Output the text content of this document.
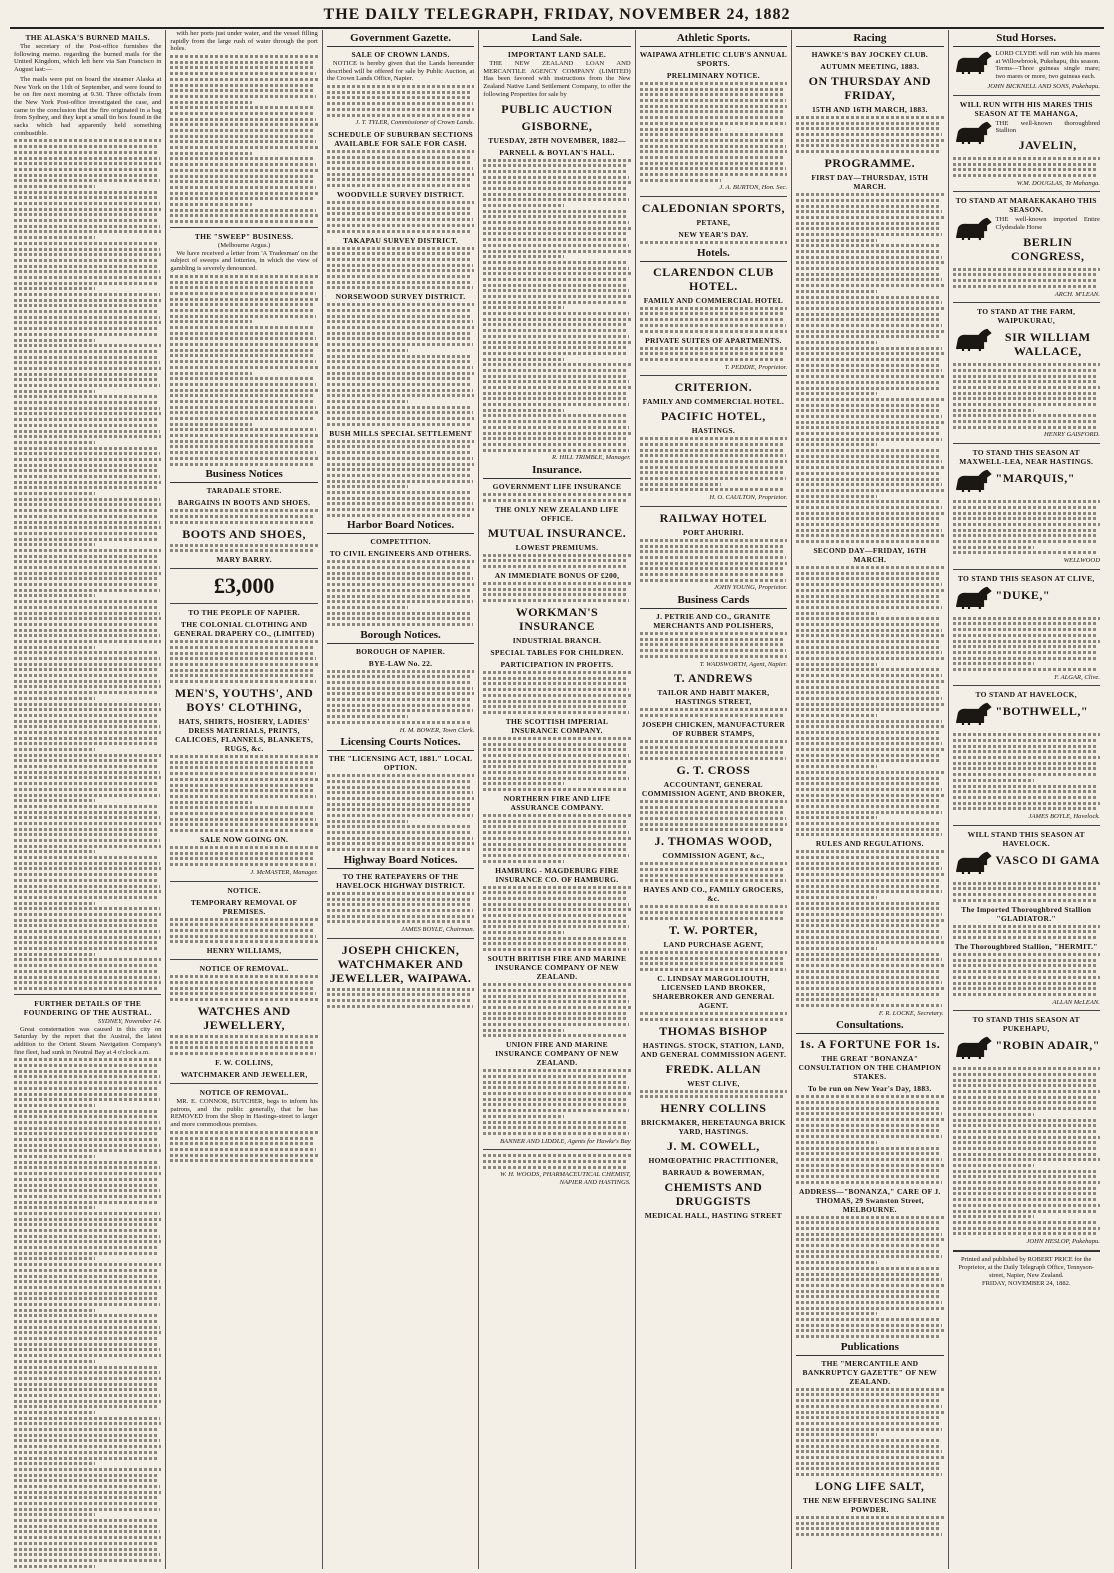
THE DAILY TELEGRAPH, FRIDAY, NOVEMBER 24, 1882
THE ALASKA'S BURNED MAILS.

The secretary of the Post-office furnishes the following memo. regarding the burned mails for the United Kingdom, which left here via San Francisco in August last:—

The mails were put on board the steamer Alaska at New York on the 11th of September, and were found to be on fire next morning at 9.30. Three officials from the New York Post-office investigated the case, and came to the conclusion that the fire originated in a bag from Sydney, and they kept a small tin box found in the sacks which had apparently held something combustible.

FURTHER DETAILS OF THE FOUNDERING OF THE AUSTRAL.
SYDNEY, November 14.

Great consternation was caused in this city on Saturday by the report that the Austral, the latest addition to the Orient Steam Navigation Company's fine fleet, had sunk in Neutral Bay at 4 o'clock a.m.

with her ports just under water, and the vessel filling rapidly from the large rush of water through the port holes.

THE "SWEEP" BUSINESS.
(Melbourne Argus.)

We have received a letter from 'A Tradesman' on the subject of sweeps and lotteries, in which the view of gambling is severely denounced.

Business Notices
TARADALE STORE.
BARGAINS IN BOOTS AND SHOES.
BOOTS AND SHOES,
MARY BARRY.
£3,000
TO THE PEOPLE OF NAPIER.
THE COLONIAL CLOTHING AND GENERAL DRAPERY CO., (LIMITED)
MEN'S, YOUTHS', AND BOYS' CLOTHING,
HATS, SHIRTS, HOSIERY, LADIES' DRESS MATERIALS, PRINTS, CALICOES, FLANNELS, BLANKETS, RUGS, &c.
SALE NOW GOING ON.
J. McMASTER, Manager.
NOTICE.
TEMPORARY REMOVAL OF PREMISES.
HENRY WILLIAMS,
NOTICE OF REMOVAL.
WATCHES AND JEWELLERY,
F. W. COLLINS,
WATCHMAKER AND JEWELLER,
NOTICE OF REMOVAL.

MR. E. CONNOR, BUTCHER, begs to inform his patrons, and the public generally, that he has REMOVED from the Shop in Hastings-street to larger and more commodious premises.

Government Gazette.
SALE OF CROWN LANDS.

NOTICE is hereby given that the Lands hereunder described will be offered for sale by Public Auction, at the Crown Lands Office, Napier.

J. T. TYLER, Commissioner of Crown Lands.
SCHEDULE OF SUBURBAN SECTIONS AVAILABLE FOR SALE FOR CASH.
WOODVILLE SURVEY DISTRICT.
TAKAPAU SURVEY DISTRICT.
NORSEWOOD SURVEY DISTRICT.
BUSH MILLS SPECIAL SETTLEMENT
Harbor Board Notices.
COMPETITION.
TO CIVIL ENGINEERS AND OTHERS.
Borough Notices.
BOROUGH OF NAPIER.
BYE-LAW No. 22.
H. M. BOWER, Town Clerk.
Licensing Courts Notices.
THE "LICENSING ACT, 1881." LOCAL OPTION.
Highway Board Notices.
TO THE RATEPAYERS OF THE HAVELOCK HIGHWAY DISTRICT.
JAMES BOYLE, Chairman.
JOSEPH CHICKEN, WATCHMAKER AND JEWELLER, WAIPAWA.
Land Sale.
IMPORTANT LAND SALE.

THE NEW ZEALAND LOAN AND MERCANTILE AGENCY COMPANY (LIMITED) Has been favored with instructions from the New Zealand Native Land Settlement Company, to offer the following Properties for sale by

PUBLIC AUCTION
GISBORNE,
TUESDAY, 28TH NOVEMBER, 1882—
PARNELL & BOYLAN'S HALL.
R. HILL TRIMBLE, Manager.
Insurance.
GOVERNMENT LIFE INSURANCE
THE ONLY NEW ZEALAND LIFE OFFICE.
MUTUAL INSURANCE.
LOWEST PREMIUMS.
AN IMMEDIATE BONUS OF £200,
WORKMAN'S INSURANCE
INDUSTRIAL BRANCH.
SPECIAL TABLES FOR CHILDREN.
PARTICIPATION IN PROFITS.
THE SCOTTISH IMPERIAL INSURANCE COMPANY.
NORTHERN FIRE AND LIFE ASSURANCE COMPANY.
HAMBURG - MAGDEBURG FIRE INSURANCE CO. OF HAMBURG.
SOUTH BRITISH FIRE AND MARINE INSURANCE COMPANY OF NEW ZEALAND.
UNION FIRE AND MARINE INSURANCE COMPANY OF NEW ZEALAND.
BANNER AND LIDDLE, Agents for Hawke's Bay
W. H. WOODS, PHARMACEUTICAL CHEMIST, NAPIER AND HASTINGS.
Athletic Sports.
WAIPAWA ATHLETIC CLUB'S ANNUAL SPORTS.
PRELIMINARY NOTICE.
J. A. BURTON, Hon. Sec.
CALEDONIAN SPORTS,
PETANE,
NEW YEAR'S DAY.
Hotels.
CLARENDON CLUB HOTEL.
FAMILY AND COMMERCIAL HOTEL
PRIVATE SUITES OF APARTMENTS.
T. PEDDIE, Proprietor.
CRITERION.
FAMILY AND COMMERCIAL HOTEL.
PACIFIC HOTEL,
HASTINGS.
H. O. CAULTON, Proprietor.
RAILWAY HOTEL
PORT AHURIRI.
JOHN YOUNG, Proprietor.
Business Cards
J. PETRIE AND CO., GRANITE MERCHANTS AND POLISHERS,
T. WADSWORTH, Agent, Napier.
T. ANDREWS
TAILOR AND HABIT MAKER, HASTINGS STREET,
JOSEPH CHICKEN, MANUFACTURER OF RUBBER STAMPS,
G. T. CROSS
ACCOUNTANT, GENERAL COMMISSION AGENT, AND BROKER,
J. THOMAS WOOD,
COMMISSION AGENT, &c.,
HAYES AND CO., FAMILY GROCERS, &c.
T. W. PORTER,
LAND PURCHASE AGENT,
C. LINDSAY MARGOLIOUTH, LICENSED LAND BROKER, SHAREBROKER AND GENERAL AGENT.
THOMAS BISHOP
HASTINGS. STOCK, STATION, LAND, AND GENERAL COMMISSION AGENT.
FREDK. ALLAN
WEST CLIVE,
HENRY COLLINS
BRICKMAKER, HERETAUNGA BRICK YARD, HASTINGS.
J. M. COWELL,
HOMŒOPATHIC PRACTITIONER,
BARRAUD & BOWERMAN,
CHEMISTS AND DRUGGISTS
MEDICAL HALL, HASTING STREET
Racing
HAWKE'S BAY JOCKEY CLUB.
AUTUMN MEETING, 1883.
ON THURSDAY AND FRIDAY,
15TH AND 16TH MARCH, 1883.
PROGRAMME.
FIRST DAY—THURSDAY, 15TH MARCH.
SECOND DAY—FRIDAY, 16TH MARCH.
RULES AND REGULATIONS.
F. R. LOCKE, Secretary.
Consultations.
1s. A FORTUNE FOR 1s.
THE GREAT "BONANZA" CONSULTATION ON THE CHAMPION STAKES.
To be run on New Year's Day, 1883.
ADDRESS—"BONANZA," CARE OF J. THOMAS, 29 Swanston Street, MELBOURNE.
Publications
THE "MERCANTILE AND BANKRUPTCY GAZETTE" OF NEW ZEALAND.
LONG LIFE SALT,
THE NEW EFFERVESCING SALINE POWDER.
Stud Horses.
LORD CLYDE will run with his mares at Willowbrook, Pukehapu, this season. Terms—Three guineas single mare; two mares or more, two guineas each.
JOHN BICKNELL AND SONS, Pukehapu.
WILL RUN WITH HIS MARES THIS SEASON AT TE MAHANGA,
THE well-known thoroughbred Stallion
JAVELIN,
W.M. DOUGLAS, Te Mahanga.
TO STAND AT MARAEKAKAHO THIS SEASON.
THE well-known imported Entire Clydesdale Horse
BERLIN CONGRESS,
ARCH. M'LEAN.
TO STAND AT THE FARM, WAIPUKURAU,
SIR WILLIAM WALLACE,
HENRY GAISFORD.
TO STAND THIS SEASON AT MAXWELL-LEA, NEAR HASTINGS.
"MARQUIS,"
WELLWOOD
TO STAND THIS SEASON AT CLIVE,
"DUKE,"
F. ALGAR, Clive.
TO STAND AT HAVELOCK,
"BOTHWELL,"
JAMES BOYLE, Havelock.
WILL STAND THIS SEASON AT HAVELOCK.
VASCO DI GAMA
The Imported Thoroughbred Stallion "GLADIATOR."
The Thoroughbred Stallion, "HERMIT."
ALLAN McLEAN.
TO STAND THIS SEASON AT PUKEHAPU,
"ROBIN ADAIR,"
JOHN HESLOP, Pukehapu.
Printed and published by ROBERT PRICE for the Proprietor, at the Daily Telegraph Office, Tennyson-street, Napier, New Zealand.
FRIDAY, NOVEMBER 24, 1882.
